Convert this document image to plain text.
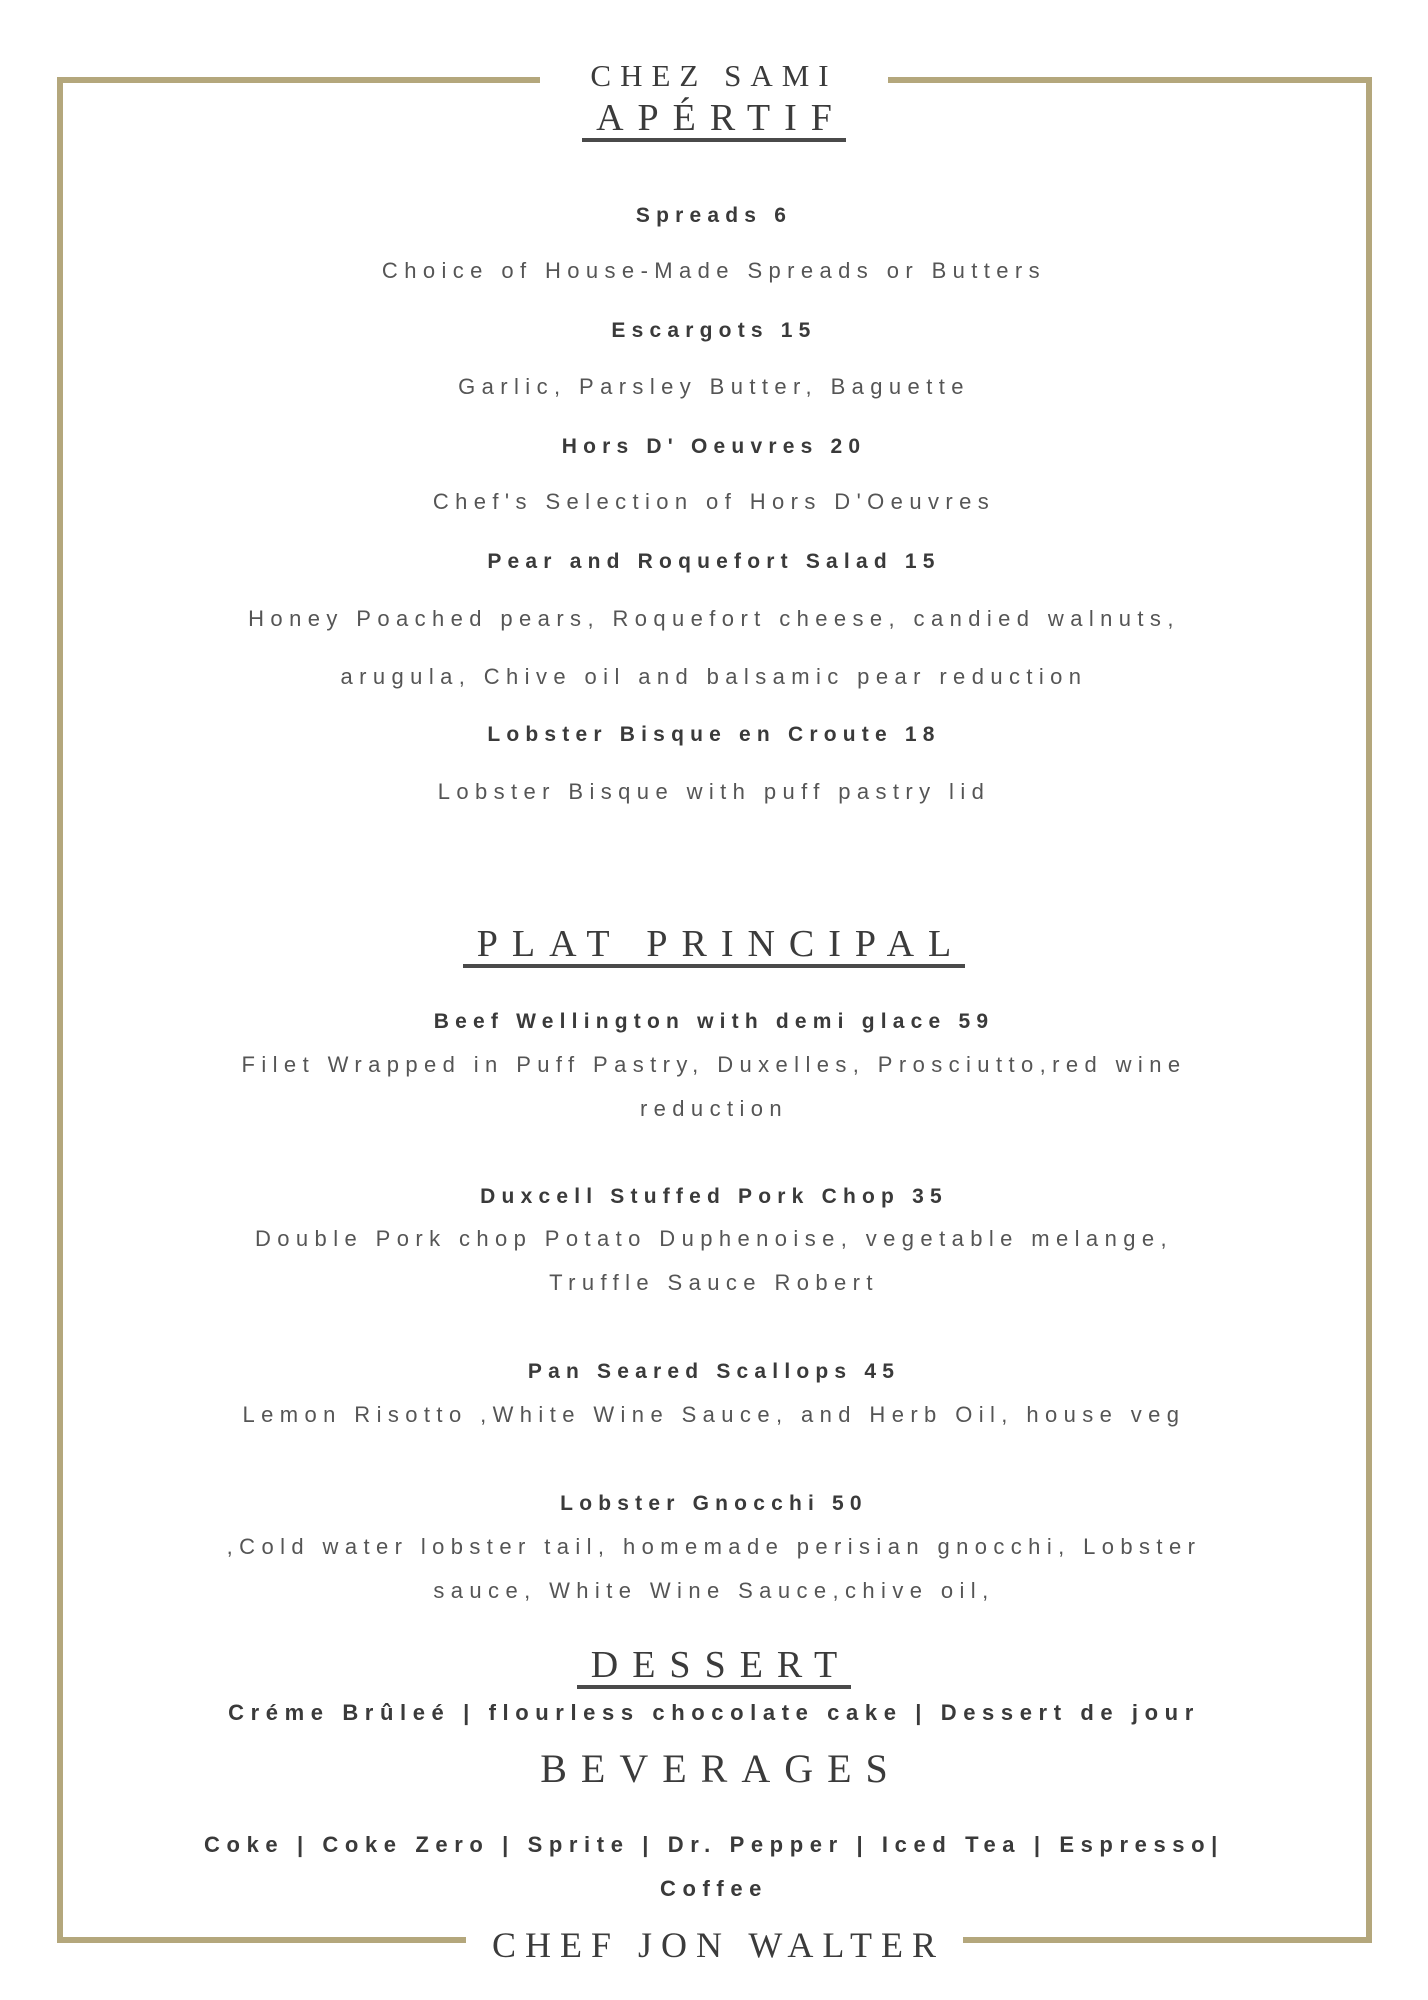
CHEZ SAMI
APÉRTIF
Spreads 6
Choice of House-Made Spreads or Butters
Escargots 15
Garlic, Parsley Butter, Baguette
Hors D' Oeuvres 20
Chef's Selection of Hors D'Oeuvres
Pear and Roquefort Salad 15
Honey Poached pears, Roquefort cheese, candied walnuts,
arugula, Chive oil and balsamic pear reduction
Lobster Bisque en Croute 18
Lobster Bisque with puff pastry lid
PLAT PRINCIPAL
Beef Wellington with demi glace 59
Filet Wrapped in Puff Pastry, Duxelles, Prosciutto,red wine
reduction
Duxcell Stuffed Pork Chop 35
Double Pork chop Potato Duphenoise, vegetable melange,
Truffle Sauce Robert
Pan Seared Scallops 45
Lemon Risotto ,White Wine Sauce, and Herb Oil, house veg
Lobster Gnocchi 50
,Cold water lobster tail, homemade perisian gnocchi, Lobster
sauce, White Wine Sauce,chive oil,
DESSERT
Créme Brûleé | flourless chocolate cake | Dessert de jour
BEVERAGES
Coke | Coke Zero | Sprite | Dr. Pepper | Iced Tea | Espresso|
Coffee
CHEF JON WALTER
